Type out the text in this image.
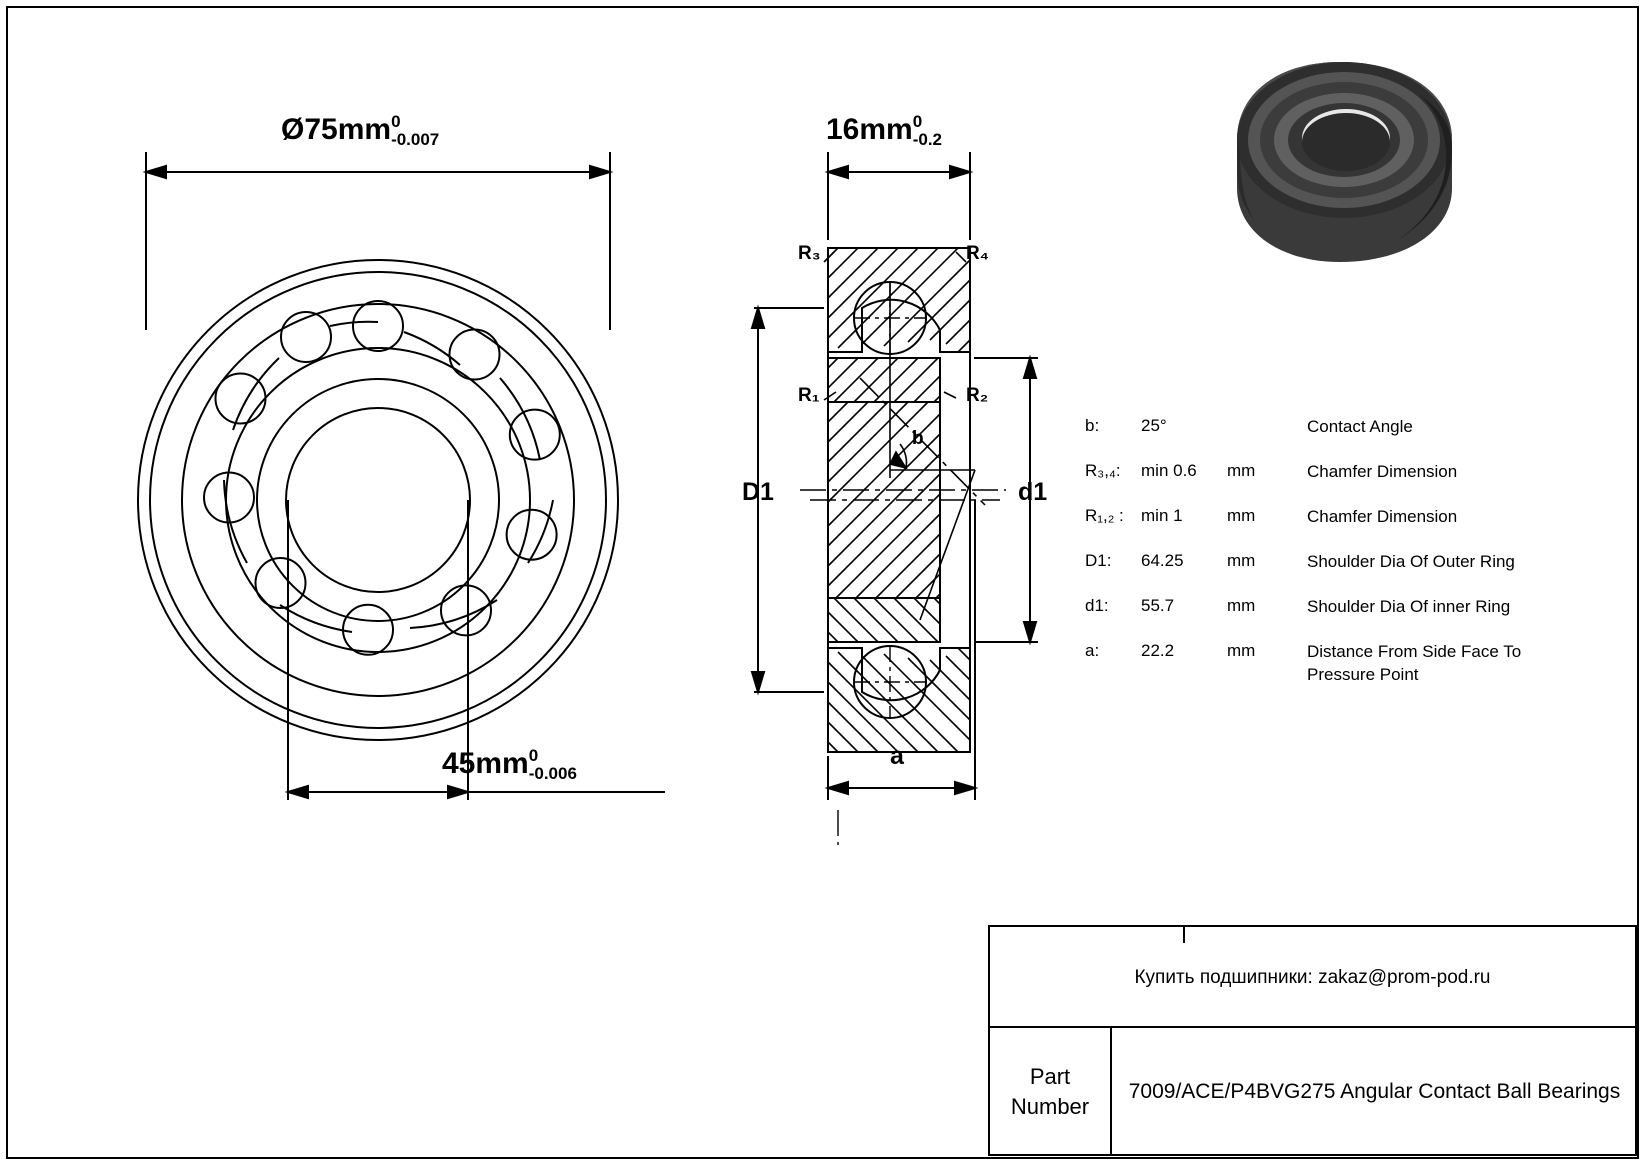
Ø75mm 0
-0.007
45mm 0
-0.006
16mm 0
-0.2
R₃	R₄
R₁	R₂
b
D1	d1
a
b:	25°		Contact Angle
R₃,₄:	min 0.6	mm	Chamfer Dimension
R₁,₂ :	min 1	mm	Chamfer Dimension
D1:	64.25	mm	Shoulder Dia Of Outer Ring
d1:	55.7	mm	Shoulder Dia Of inner Ring
a:	22.2	mm	Distance From Side Face To Pressure Point
Купить подшипники: zakaz@prom-pod.ru
Part
Number
7009/ACE/P4BVG275 Angular Contact Ball Bearings
